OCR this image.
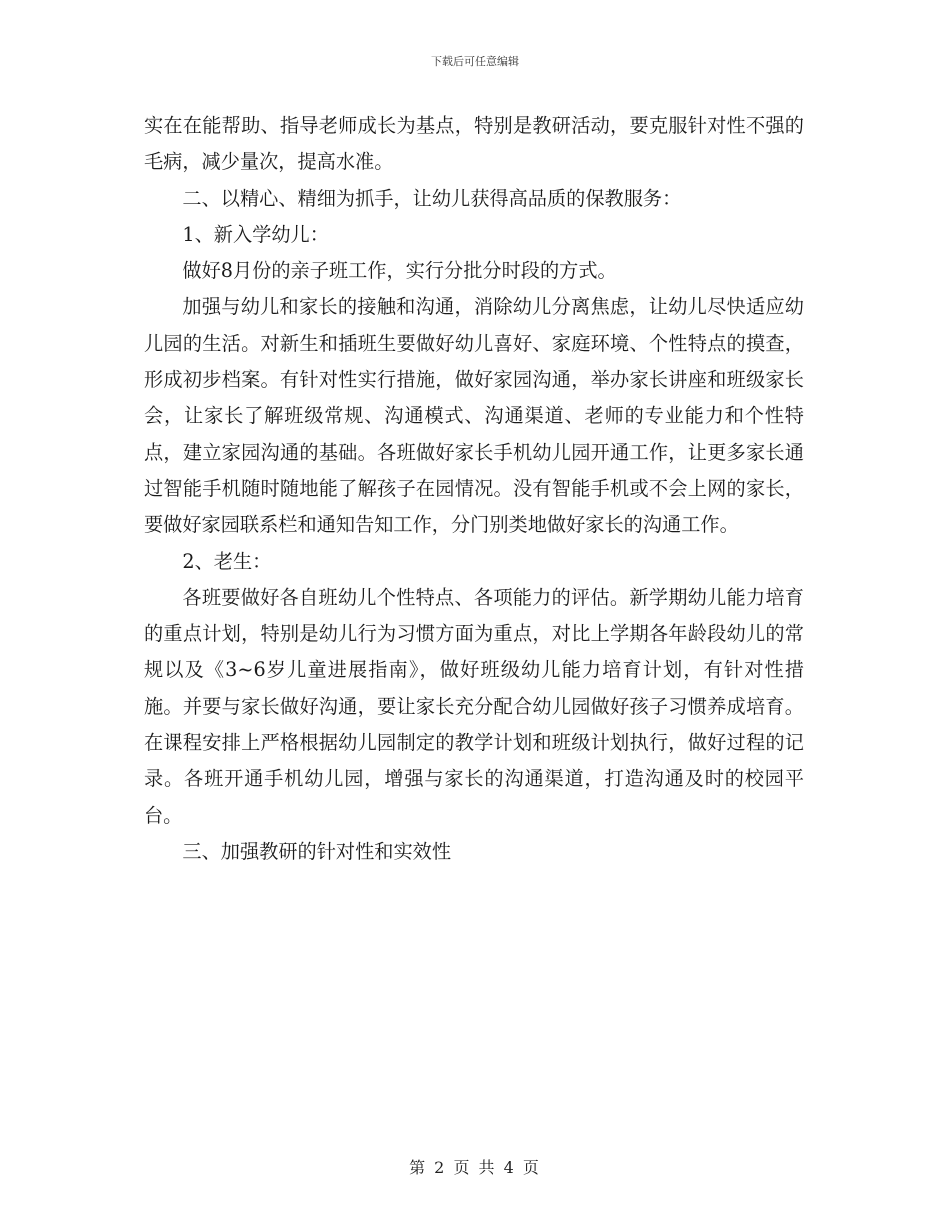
下载后可任意编辑

实在在能帮助、指导老师成长为基点，特别是教研活动，要克服针对性不强的毛病，减少量次，提高水准。

二、以精心、精细为抓手，让幼儿获得高品质的保教服务：

1、新入学幼儿：

做好8月份的亲子班工作，实行分批分时段的方式。

加强与幼儿和家长的接触和沟通，消除幼儿分离焦虑，让幼儿尽快适应幼儿园的生活。对新生和插班生要做好幼儿喜好、家庭环境、个性特点的摸查，形成初步档案。有针对性实行措施，做好家园沟通，举办家长讲座和班级家长会，让家长了解班级常规、沟通模式、沟通渠道、老师的专业能力和个性特点，建立家园沟通的基础。各班做好家长手机幼儿园开通工作，让更多家长通过智能手机随时随地能了解孩子在园情况。没有智能手机或不会上网的家长，要做好家园联系栏和通知告知工作，分门别类地做好家长的沟通工作。

2、老生：

各班要做好各自班幼儿个性特点、各项能力的评估。新学期幼儿能力培育的重点计划，特别是幼儿行为习惯方面为重点，对比上学期各年龄段幼儿的常规以及《3~6岁儿童进展指南》，做好班级幼儿能力培育计划，有针对性措施。并要与家长做好沟通，要让家长充分配合幼儿园做好孩子习惯养成培育。在课程安排上严格根据幼儿园制定的教学计划和班级计划执行，做好过程的记录。各班开通手机幼儿园，增强与家长的沟通渠道，打造沟通及时的校园平台。

三、加强教研的针对性和实效性

第 2 页 共 4 页
